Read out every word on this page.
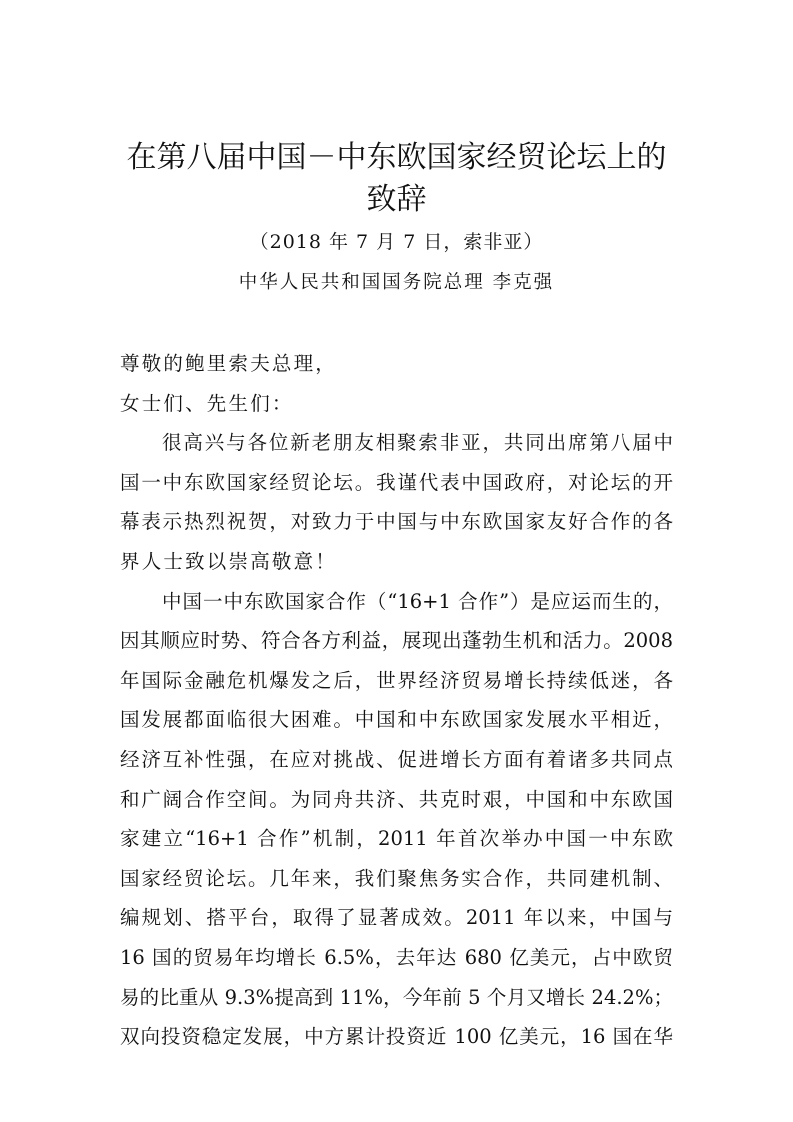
在第八届中国－中东欧国家经贸论坛上的
致辞
（2018 年 7 月 7 日，索非亚）
中华人民共和国国务院总理 李克强
尊敬的鲍里索夫总理，
女士们、先生们：
很​高​兴​与​各​位​新​老​朋​友​相​聚​索​非​亚​，​共​同​出​席​第​八​届​中
国​一​中​东​欧​国​家​经​贸​论​坛​。​我​谨​代​表​中​国​政​府​，​对​论​坛​的​开
幕​表​示​热​烈​祝​贺​，​对​致​力​于​中​国​与​中​东​欧​国​家​友​好​合​作​的​各
界人士致以崇高敬意！
中​国​一​中​东​欧​国​家​合​作​（​“​1​6​+​1​ ​合​作​”​）​是​应​运​而​生​的​，
因​其​顺​应​时​势​、​符​合​各​方​利​益​，​展​现​出​蓬​勃​生​机​和​活​力​。​2​0​0​8
年​国​际​金​融​危​机​爆​发​之​后​，​世​界​经​济​贸​易​增​长​持​续​低​迷​，​各
国​发​展​都​面​临​很​大​困​难​。​中​国​和​中​东​欧​国​家​发​展​水​平​相​近​，
经​济​互​补​性​强​，​在​应​对​挑​战​、​促​进​增​长​方​面​有​着​诸​多​共​同​点
和​广​阔​合​作​空​间​。​为​同​舟​共​济​、​共​克​时​艰​，​中​国​和​中​东​欧​国
家​建​立​“​1​6​+​1​ ​合​作​”​机​制​，​2​0​1​1​ ​年​首​次​举​办​中​国​一​中​东​欧
国​家​经​贸​论​坛​。​几​年​来​，​我​们​聚​焦​务​实​合​作​，​共​同​建​机​制​、
编​规​划​、​搭​平​台​，​取​得​了​显​著​成​效​。​2​0​1​1​ ​年​以​来​，​中​国​与
1​6​ ​国​的​贸​易​年​均​增​长​ ​6​.​5​%​，​去​年​达​ ​6​8​0​ ​亿​美​元​，​占​中​欧​贸
易​的​比​重​从​ ​9​.​3​%​提​高​到​ ​1​1​%​，​今​年​前​ ​5​ ​个​月​又​增​长​ ​2​4​.​2​%​；
双​向​投​资​稳​定​发​展​，​中​方​累​计​投​资​近​ ​1​0​0​ ​亿​美​元​，​1​6​ ​国​在​华
